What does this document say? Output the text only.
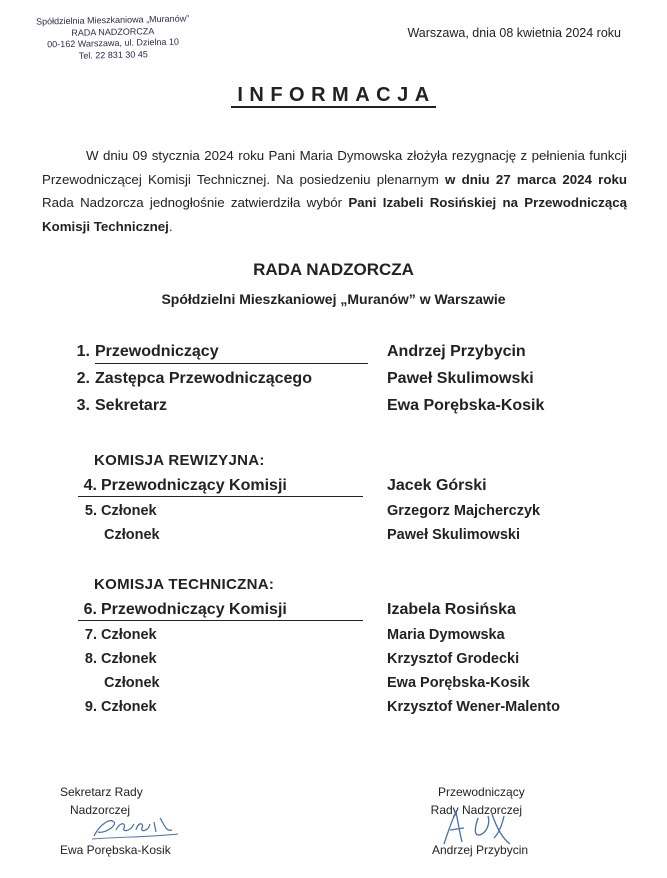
Spółdzielnia Mieszkaniowa „Muranów”
RADA NADZORCZA
00-162 Warszawa, ul. Dzielna 10
Tel. 22 831 30 45
Warszawa, dnia 08 kwietnia 2024 roku
INFORMACJA
W dniu 09 stycznia 2024 roku Pani Maria Dymowska złożyła rezygnację z pełnienia funkcji Przewodniczącej Komisji Technicznej. Na posiedzeniu plenarnym w dniu 27 marca 2024 roku Rada Nadzorcza jednogłośnie zatwierdziła wybór Pani Izabeli Rosińskiej na Przewodniczącą Komisji Technicznej.
RADA NADZORCZA
Spółdzielni Mieszkaniowej „Muranów” w Warszawie
1. Przewodniczący	Andrzej Przybycin
2. Zastępca Przewodniczącego	Paweł Skulimowski
3. Sekretarz	Ewa Porębska-Kosik
KOMISJA REWIZYJNA:
4. Przewodniczący Komisji	Jacek Górski
5. Członek	Grzegorz Majcherczyk
Członek	Paweł Skulimowski
KOMISJA TECHNICZNA:
6. Przewodniczący Komisji	Izabela Rosińska
7. Członek	Maria Dymowska
8. Członek	Krzysztof Grodecki
Członek	Ewa Porębska-Kosik
9. Członek	Krzysztof Wener-Malento
Sekretarz Rady
Nadzorczej
Ewa Porębska-Kosik
Przewodniczący
Rady Nadzorczej
Andrzej Przybycin
